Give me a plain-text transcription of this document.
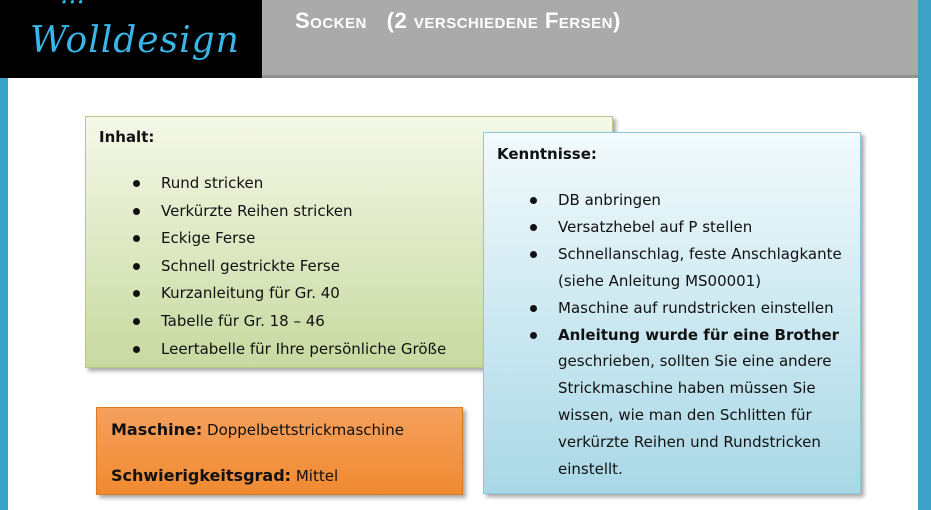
Wolldesign	Socken   (2 verschiedene Fersen)
Inhalt:
Rund stricken
Verkürzte Reihen stricken
Eckige Ferse
Schnell gestrickte Ferse
Kurzanleitung für Gr. 40
Tabelle für Gr. 18 – 46
Leertabelle für Ihre persönliche Größe
Maschine: Doppelbettstrickmaschine
Schwierigkeitsgrad: Mittel
Kenntnisse:
DB anbringen
Versatzhebel auf P stellen
Schnellanschlag, feste Anschlagkante (siehe Anleitung MS00001)
Maschine auf rundstricken einstellen
Anleitung wurde für eine Brother geschrieben, sollten Sie eine andere Strickmaschine haben müssen Sie wissen, wie man den Schlitten für verkürzte Reihen und Rundstricken einstellt.
